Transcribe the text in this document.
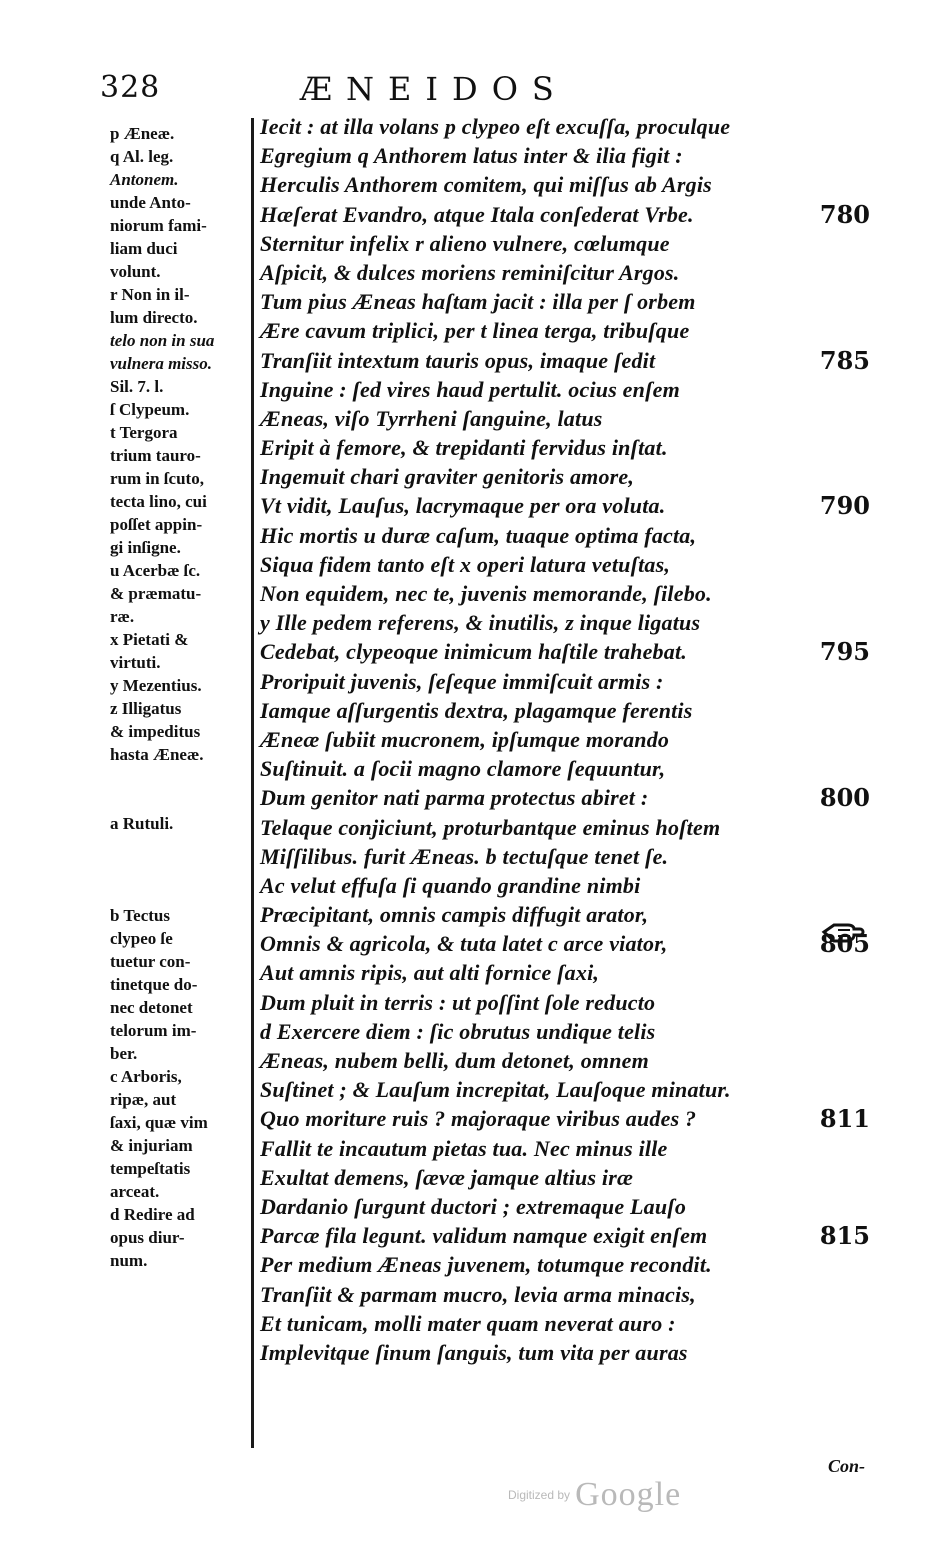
328	ÆNEIDOS
p Æneæ.
q Al. leg.
Antonem.
unde Anto-
niorum fami-
liam duci
volunt.
r Non in il-
lum directo.
telo non in sua
vulnera misso.
Sil. 7. l.
ſ Clypeum.
t Tergora
trium tauro-
rum in ſcuto,
tecta lino, cui
poſſet appin-
gi inſigne.
u Acerbæ ſc.
& præmatu-
ræ.
x Pietati &
virtuti.
y Mezentius.
z Illigatus
& impeditus
hasta Æneæ.

a Rutuli.

b Tectus
clypeo ſe
tuetur con-
tinetque do-
nec detonet
telorum im-
ber.
c Arboris,
ripæ, aut
ſaxi, quæ vim
& injuriam
tempeſtatis
arceat.
d Redire ad
opus diur-
num.
Iecit : at illa volans p clypeo eſt excuſſa, proculque
Egregium q Anthorem latus inter & ilia figit :
Herculis Anthorem comitem, qui miſſus ab Argis
Hæſerat Evandro, atque Itala conſederat Vrbe.	780
Sternitur infelix r alieno vulnere, cœlumque
Aſpicit, & dulces moriens reminiſcitur Argos.
Tum pius Æneas haſtam jacit : illa per ſ orbem
Ære cavum triplici, per t linea terga, tribuſque
Tranſiit intextum tauris opus, imaque ſedit	785
Inguine : ſed vires haud pertulit. ocius enſem
Æneas, viſo Tyrrheni ſanguine, latus
Eripit à femore, & trepidanti fervidus inſtat.
Ingemuit chari graviter genitoris amore,
Vt vidit, Lauſus, lacrymaque per ora voluta.	790
Hic mortis u duræ caſum, tuaque optima facta,
Siqua fidem tanto eſt x operi latura vetuſtas,
Non equidem, nec te, juvenis memorande, ſilebo.
y Ille pedem referens, & inutilis, z inque ligatus
Cedebat, clypeoque inimicum haſtile trahebat.	795
Proripuit juvenis, ſeſeque immiſcuit armis :
Iamque aſſurgentis dextra, plagamque ferentis
Æneæ ſubiit mucronem, ipſumque morando
Suſtinuit. a ſocii magno clamore ſequuntur,
Dum genitor nati parma protectus abiret :	800
Telaque conjiciunt, proturbantque eminus hoſtem
Miſſilibus. furit Æneas. b tectuſque tenet ſe.
Ac velut effuſa ſi quando grandine nimbi
Præcipitant, omnis campis diffugit arator,
Omnis & agricola, & tuta latet c arce viator,	805
Aut amnis ripis, aut alti fornice ſaxi,
Dum pluit in terris : ut poſſint ſole reducto
d Exercere diem : ſic obrutus undique telis
Æneas, nubem belli, dum detonet, omnem
Suſtinet ; & Lauſum increpitat, Lauſoque minatur.
Quo moriture ruis ? majoraque viribus audes ?	811
Fallit te incautum pietas tua. Nec minus ille
Exultat demens, ſævæ jamque altius iræ
Dardanio ſurgunt ductori ; extremaque Lauſo
Parcæ fila legunt. validum namque exigit enſem	815
Per medium Æneas juvenem, totumque recondit.
Tranſiit & parmam mucro, levia arma minacis,
Et tunicam, molli mater quam neverat auro :
Implevitque ſinum ſanguis, tum vita per auras
Con-
Digitized by Google
